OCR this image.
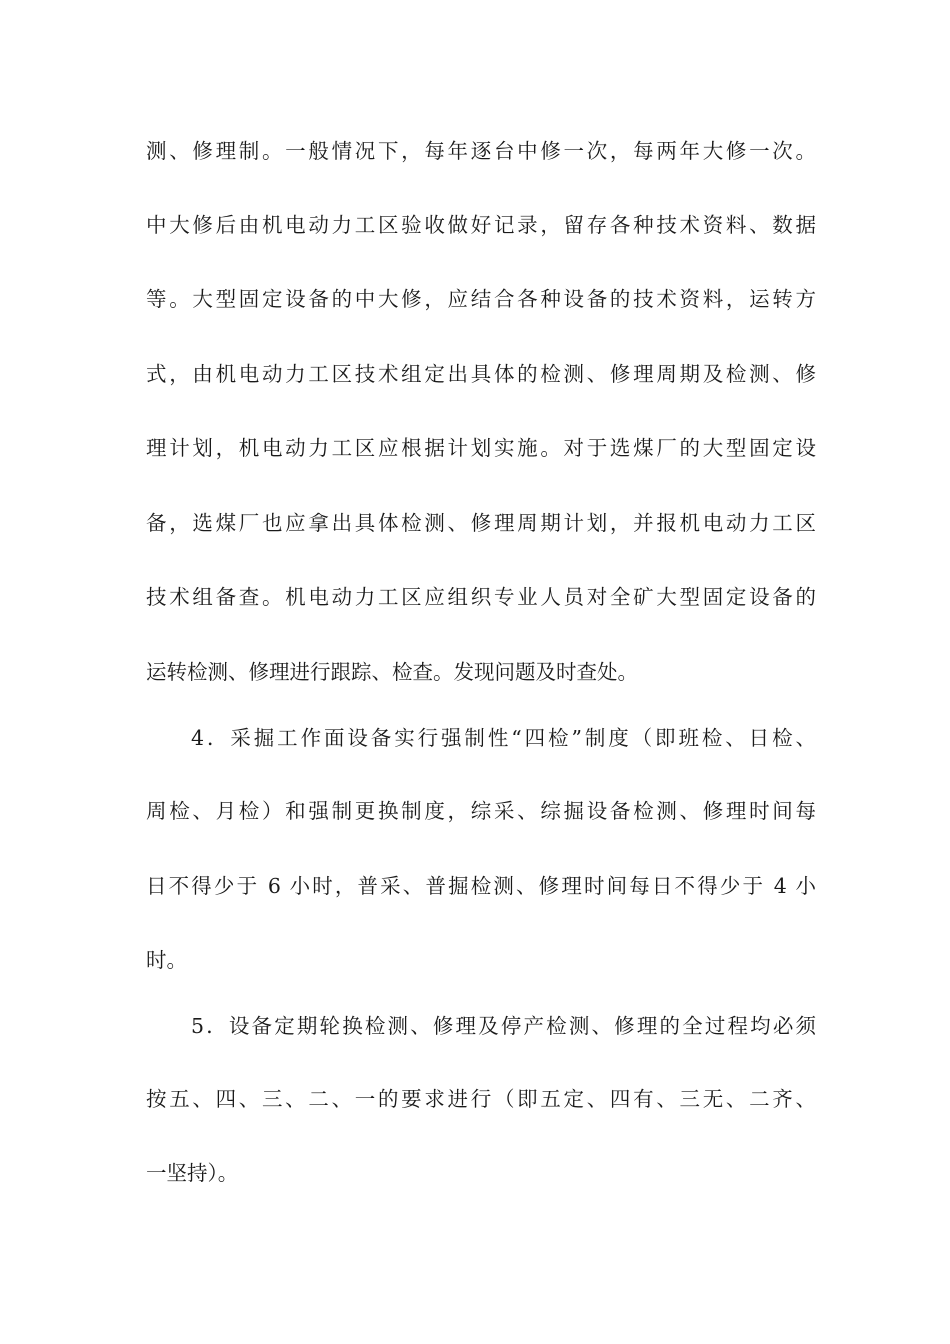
测、修理制。一般情况下，每年逐台中修一次，每两年大修一次。
中大修后由机电动力工区验收做好记录，留存各种技术资料、数据
等。大型固定设备的中大修，应结合各种设备的技术资料，运转方
式，由机电动力工区技术组定出具体的检测、修理周期及检测、修
理计划，机电动力工区应根据计划实施。对于选煤厂的大型固定设
备，选煤厂也应拿出具体检测、修理周期计划，并报机电动力工区
技术组备查。机电动力工区应组织专业人员对全矿大型固定设备的
运转检测、修理进行跟踪、检查。发现问题及时查处。
4．采掘工作面设备实行强制性“四检”制度（即班检、日检、
周检、月检）和强制更换制度，综采、综掘设备检测、修理时间每
日不得少于 6 小时，普采、普掘检测、修理时间每日不得少于 4 小
时。
5．设备定期轮换检测、修理及停产检测、修理的全过程均必须
按五、四、三、二、一的要求进行（即五定、四有、三无、二齐、
一坚持）。
